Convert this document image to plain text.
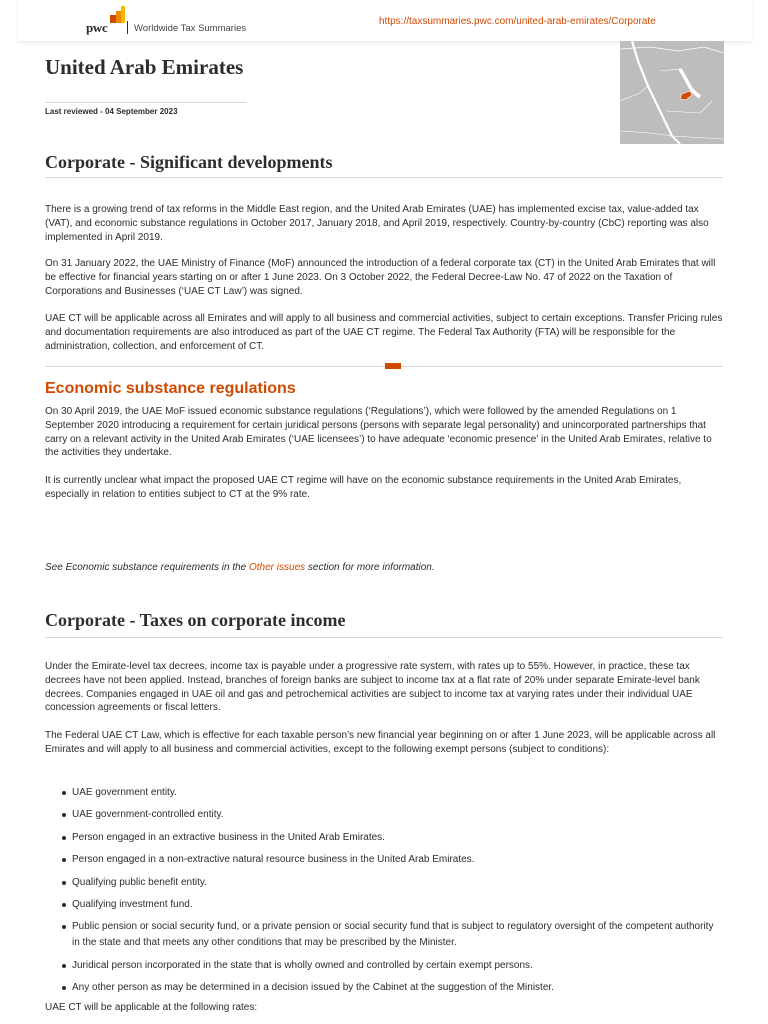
pwc	Worldwide Tax Summaries
https://taxsummaries.pwc.com/united-arab-emirates/Corporate
United Arab Emirates
Last reviewed - 04 September 2023
Corporate - Significant developments

There is a growing trend of tax reforms in the Middle East region, and the United Arab Emirates (UAE) has implemented excise tax, value-added tax (VAT), and economic substance regulations in October 2017, January 2018, and April 2019, respectively. Country-by-country (CbC) reporting was also implemented in April 2019.

On 31 January 2022, the UAE Ministry of Finance (MoF) announced the introduction of a federal corporate tax (CT) in the United Arab Emirates that will be effective for financial years starting on or after 1 June 2023. On 3 October 2022, the Federal Decree-Law No. 47 of 2022 on the Taxation of Corporations and Businesses (‘UAE CT Law’) was signed.

UAE CT will be applicable across all Emirates and will apply to all business and commercial activities, subject to certain exceptions. Transfer Pricing rules and documentation requirements are also introduced as part of the UAE CT regime. The Federal Tax Authority (FTA) will be responsible for the administration, collection, and enforcement of CT.

Economic substance regulations

On 30 April 2019, the UAE MoF issued economic substance regulations (‘Regulations’), which were followed by the amended Regulations on 1 September 2020 introducing a requirement for certain juridical persons (persons with separate legal personality) and unincorporated partnerships that carry on a relevant activity in the United Arab Emirates (‘UAE licensees’) to have adequate ‘economic presence’ in the United Arab Emirates, relative to the activities they undertake.

It is currently unclear what impact the proposed UAE CT regime will have on the economic substance requirements in the United Arab Emirates, especially in relation to entities subject to CT at the 9% rate.

See Economic substance requirements in the Other issues section for more information.

Corporate - Taxes on corporate income

Under the Emirate-level tax decrees, income tax is payable under a progressive rate system, with rates up to 55%. However, in practice, these tax decrees have not been applied. Instead, branches of foreign banks are subject to income tax at a flat rate of 20% under separate Emirate-level bank decrees. Companies engaged in UAE oil and gas and petrochemical activities are subject to income tax at varying rates under their individual UAE concession agreements or fiscal letters.

The Federal UAE CT Law, which is effective for each taxable person’s new financial year beginning on or after 1 June 2023, will be applicable across all Emirates and will apply to all business and commercial activities, except to the following exempt persons (subject to conditions):

UAE government entity.
UAE government-controlled entity.
Person engaged in an extractive business in the United Arab Emirates.
Person engaged in a non-extractive natural resource business in the United Arab Emirates.
Qualifying public benefit entity.
Qualifying investment fund.
Public pension or social security fund, or a private pension or social security fund that is subject to regulatory oversight of the competent authority in the state and that meets any other conditions that may be prescribed by the Minister.
Juridical person incorporated in the state that is wholly owned and controlled by certain exempt persons.
Any other person as may be determined in a decision issued by the Cabinet at the suggestion of the Minister.

UAE CT will be applicable at the following rates:
